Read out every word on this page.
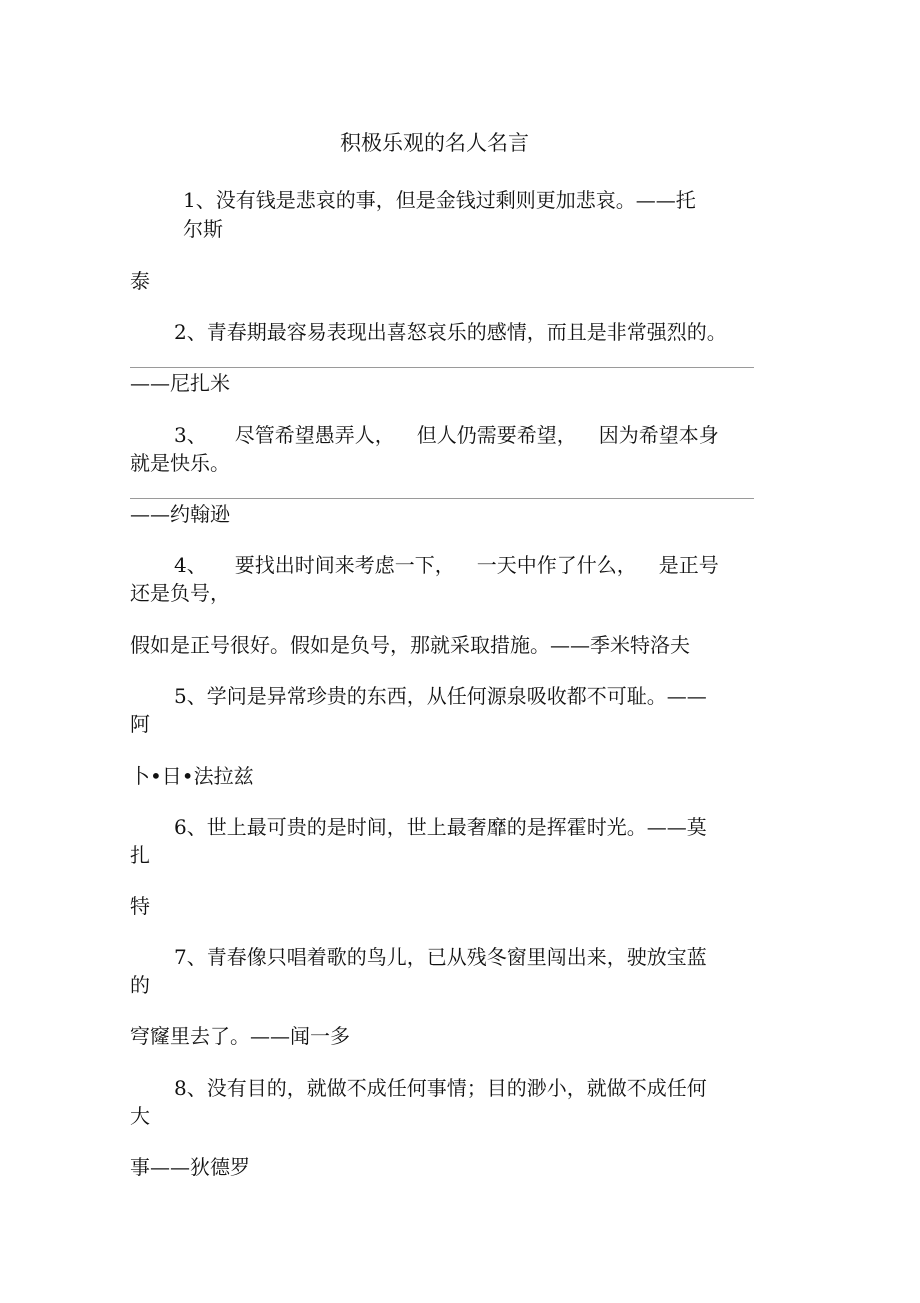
积极乐观的名人名言

1、没有钱是悲哀的事，但是金钱过剩则更加悲哀。——托

尔斯

泰

2、青春期最容易表现出喜怒哀乐的感情，而且是非常强烈的。

——尼扎米

3、 尽管希望愚弄人， 但人仍需要希望， 因为希望本身

就是快乐。

——约翰逊

4、 要找出时间来考虑一下， 一天中作了什么， 是正号

还是负号，

假如是正号很好。假如是负号，那就采取措施。——季米特洛夫

5、学问是异常珍贵的东西，从任何源泉吸收都不可耻。——

阿

卜•日•法拉兹

6、世上最可贵的是时间，世上最奢靡的是挥霍时光。——莫

扎

特

7、青春像只唱着歌的鸟儿，已从残冬窗里闯出来，驶放宝蓝

的

穹窿里去了。——闻一多

8、没有目的，就做不成任何事情；目的渺小，就做不成任何

大

事——狄德罗
